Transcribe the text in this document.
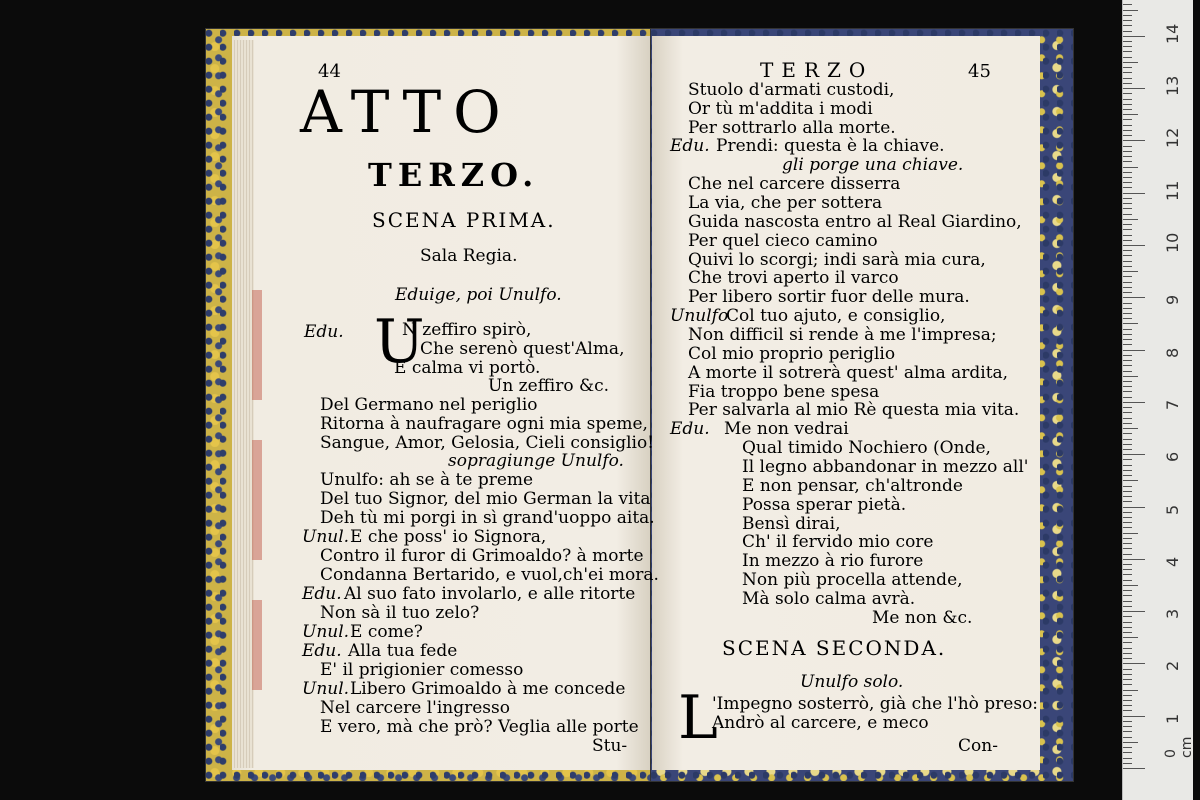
44
ATTO
TERZO.
SCENA PRIMA.
Sala Regia.
Eduige, poi Unulfo.
Edu. U
N zeffiro spirò,
Che serenò quest'Alma,
E calma vi portò.
Un zeffiro &c.
Del Germano nel periglio
Ritorna à naufragare ogni mia speme,
Sangue, Amor, Gelosia, Cieli consiglio!
sopragiunge Unulfo.
Unulfo: ah se à te preme
Del tuo Signor, del mio German la vita
Deh tù mi porgi in sì grand'uoppo aita.
Unul. E che poss' io Signora,
Contro il furor di Grimoaldo? à morte
Condanna Bertarido, e vuol,ch'ei mora.
Edu. Al suo fato involarlo, e alle ritorte
Non sà il tuo zelo?
Unul. E come?
Edu. Alla tua fede
E' il prigionier comesso
Unul. Libero Grimoaldo à me concede
Nel carcere l'ingresso
E vero, mà che prò? Veglia alle porte
Stu-
TERZO	45
Stuolo d'armati custodi,
Or tù m'addita i modi
Per sottrarlo alla morte.
Edu. Prendi: questa è la chiave.
gli porge una chiave.
Che nel carcere disserra
La via, che per sottera
Guida nascosta entro al Real Giardino,
Per quel cieco camino
Quivi lo scorgi; indi sarà mia cura,
Che trovi aperto il varco
Per libero sortir fuor delle mura.
Unulfo
Col tuo ajuto, e consiglio,
Non difficil si rende à me l'impresa;
Col mio proprio periglio
A morte il sotrerà quest' alma ardita,
Fia troppo bene spesa
Per salvarla al mio Rè questa mia vita.
Edu. Me non vedrai
Qual timido Nochiero (Onde,
Il legno abbandonar in mezzo all'
E non pensar, ch'altronde
Possa sperar pietà.
Bensì dirai,
Ch' il fervido mio core
In mezzo à rio furore
Non più procella attende,
Mà solo calma avrà.
Me non &c.
SCENA SECONDA.
Unulfo solo.
L
'Impegno sosterrò, già che l'hò preso:
Andrò al carcere, e meco
Con-	0 cm
1
2
3
4
5
6
7
8
9
10
11
12
13
14
